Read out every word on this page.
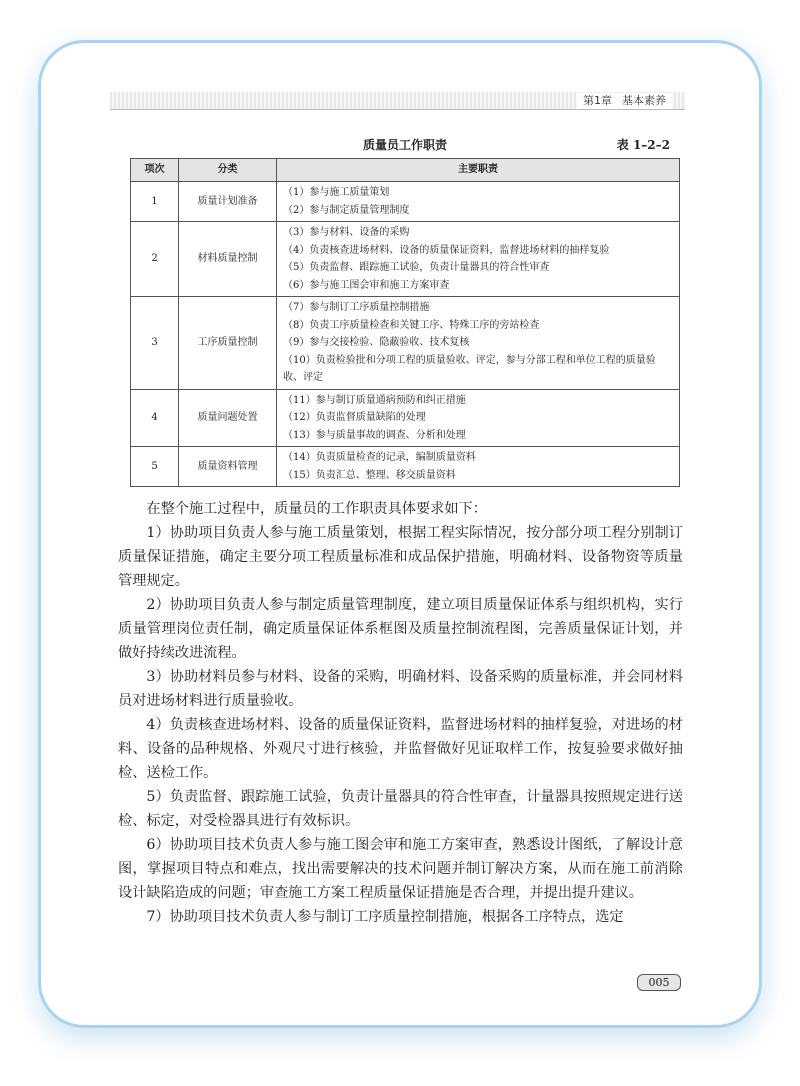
第1章 基本素养
质量员工作职责	表 1–2–2
项次	分类	主要职责
1	质量计划准备	（1）参与施工质量策划
（2）参与制定质量管理制度

2	材料质量控制	（3）参与材料、设备的采购
（4）负责核查进场材料、设备的质量保证资料，监督进场材料的抽样复验
（5）负责监督、跟踪施工试验，负责计量器具的符合性审查
（6）参与施工图会审和施工方案审查

3	工序质量控制	（7）参与制订工序质量控制措施
（8）负责工序质量检查和关键工序、特殊工序的旁站检查
（9）参与交接检验、隐蔽验收、技术复核
（10）负责检验批和分项工程的质量验收、评定，参与分部工程和单位工程的质量验收、评定

4	质量问题处置	（11）参与制订质量通病预防和纠正措施
（12）负责监督质量缺陷的处理
（13）参与质量事故的调查、分析和处理

5	质量资料管理	（14）负责质量检查的记录，编制质量资料
（15）负责汇总、整理、移交质量资料

在整个施工过程中，质量员的工作职责具体要求如下：

1）协助项目负责人参与施工质量策划，根据工程实际情况，按分部分项工程分别制订质量保证措施，确定主要分项工程质量标准和成品保护措施，明确材料、设备物资等质量管理规定。

2）协助项目负责人参与制定质量管理制度，建立项目质量保证体系与组织机构，实行质量管理岗位责任制，确定质量保证体系框图及质量控制流程图，完善质量保证计划，并做好持续改进流程。

3）协助材料员参与材料、设备的采购，明确材料、设备采购的质量标准，并会同材料员对进场材料进行质量验收。

4）负责核查进场材料、设备的质量保证资料，监督进场材料的抽样复验，对进场的材料、设备的品种规格、外观尺寸进行核验，并监督做好见证取样工作，按复验要求做好抽检、送检工作。

5）负责监督、跟踪施工试验，负责计量器具的符合性审查，计量器具按照规定进行送检、标定，对受检器具进行有效标识。

6）协助项目技术负责人参与施工图会审和施工方案审查，熟悉设计图纸，了解设计意图，掌握项目特点和难点，找出需要解决的技术问题并制订解决方案，从而在施工前消除设计缺陷造成的问题；审查施工方案工程质量保证措施是否合理，并提出提升建议。

7）协助项目技术负责人参与制订工序质量控制措施，根据各工序特点，选定

005
